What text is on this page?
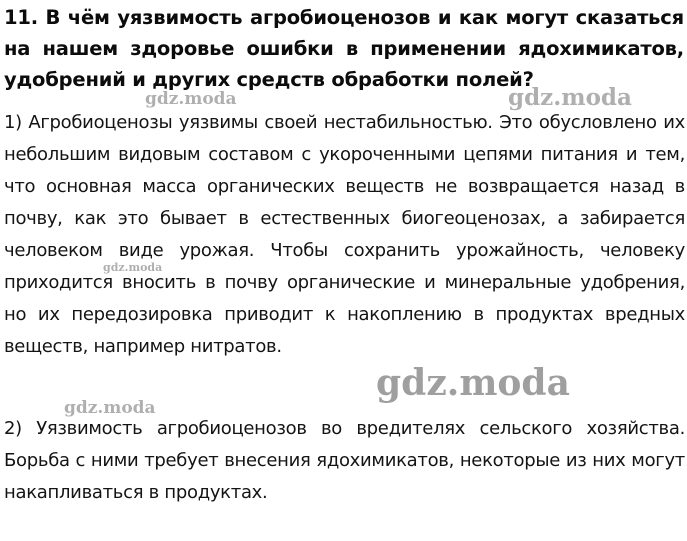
11. В чём уязвимость агробиоценозов и как могут сказаться на нашем здоровье ошибки в применении ядохимикатов, удобрений и других средств обработки полей?
1) Агробиоценозы уязвимы своей нестабильностью. Это обусловлено их небольшим видовым составом с укороченными цепями питания и тем, что основная масса органических веществ не возвращается назад в почву, как это бывает в естественных биогеоценозах, а забирается человеком виде урожая. Чтобы сохранить урожайность, человеку приходится вносить в почву органические и минеральные удобрения, но их передозировка приводит к накоплению в продуктах вредных веществ, например нитратов.
2) Уязвимость агробиоценозов во вредителях сельского хозяйства. Борьба с ними требует внесения ядохимикатов, некоторые из них могут накапливаться в продуктах.
gdz.moda	gdz.moda
gdz.moda
gdz.moda
gdz.moda
